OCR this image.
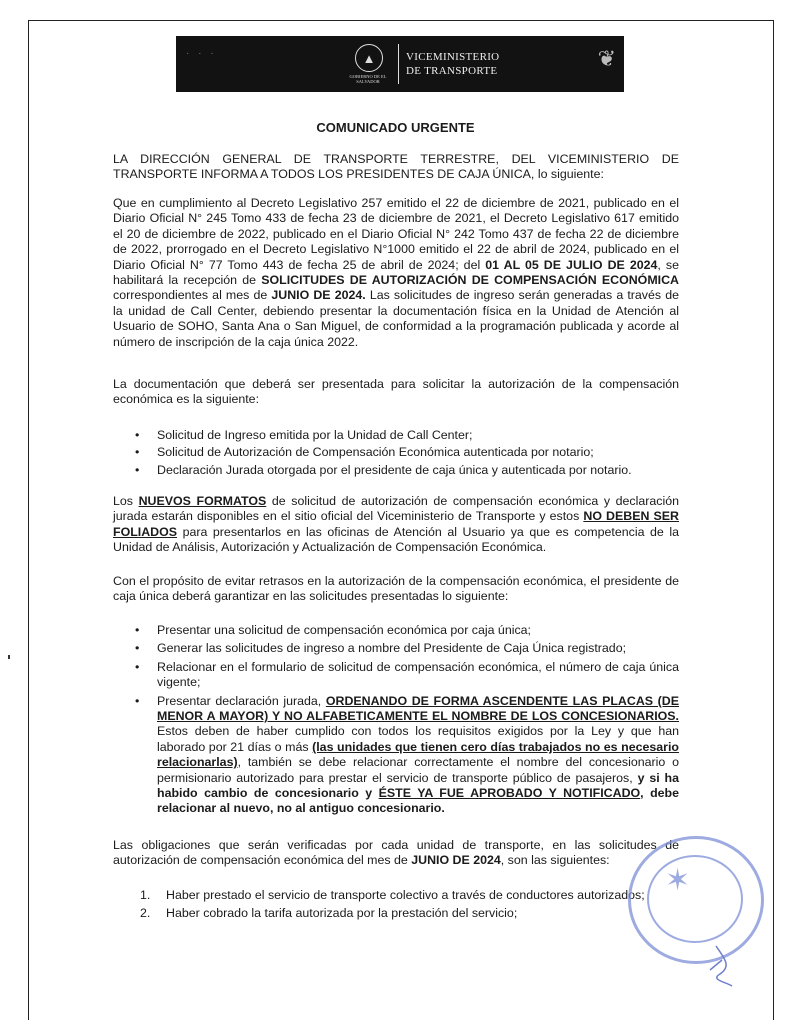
· · ·	▲
GOBIERNO DE EL SALVADOR
VICEMINISTERIO
DE TRANSPORTE	❦
COMUNICADO URGENTE
LA DIRECCIÓN GENERAL DE TRANSPORTE TERRESTRE, DEL VICEMINISTERIO DE TRANSPORTE INFORMA A TODOS LOS PRESIDENTES DE CAJA ÚNICA, lo siguiente:
Que en cumplimiento al Decreto Legislativo 257 emitido el 22 de diciembre de 2021, publicado en el Diario Oficial N° 245 Tomo 433 de fecha 23 de diciembre de 2021, el Decreto Legislativo 617 emitido el 20 de diciembre de 2022, publicado en el Diario Oficial N° 242 Tomo 437 de fecha 22 de diciembre de 2022, prorrogado en el Decreto Legislativo N°1000 emitido el 22 de abril de 2024, publicado en el Diario Oficial N° 77 Tomo 443 de fecha 25 de abril de 2024; del 01 AL 05 DE JULIO DE 2024, se habilitará la recepción de SOLICITUDES DE AUTORIZACIÓN DE COMPENSACIÓN ECONÓMICA correspondientes al mes de JUNIO DE 2024. Las solicitudes de ingreso serán generadas a través de la unidad de Call Center, debiendo presentar la documentación física en la Unidad de Atención al Usuario de SOHO, Santa Ana o San Miguel, de conformidad a la programación publicada y acorde al número de inscripción de la caja única 2022.
La documentación que deberá ser presentada para solicitar la autorización de la compensación económica es la siguiente:
• Solicitud de Ingreso emitida por la Unidad de Call Center;
• Solicitud de Autorización de Compensación Económica autenticada por notario;
• Declaración Jurada otorgada por el presidente de caja única y autenticada por notario.
Los NUEVOS FORMATOS de solicitud de autorización de compensación económica y declaración jurada estarán disponibles en el sitio oficial del Viceministerio de Transporte y estos NO DEBEN SER FOLIADOS para presentarlos en las oficinas de Atención al Usuario ya que es competencia de la Unidad de Análisis, Autorización y Actualización de Compensación Económica.
Con el propósito de evitar retrasos en la autorización de la compensación económica, el presidente de caja única deberá garantizar en las solicitudes presentadas lo siguiente:
• Presentar una solicitud de compensación económica por caja única;
• Generar las solicitudes de ingreso a nombre del Presidente de Caja Única registrado;
• Relacionar en el formulario de solicitud de compensación económica, el número de caja única vigente;
• Presentar declaración jurada, ORDENANDO DE FORMA ASCENDENTE LAS PLACAS (DE MENOR A MAYOR) Y NO ALFABETICAMENTE EL NOMBRE DE LOS CONCESIONARIOS. Estos deben de haber cumplido con todos los requisitos exigidos por la Ley y que han laborado por 21 días o más (las unidades que tienen cero días trabajados no es necesario relacionarlas), también se debe relacionar correctamente el nombre del concesionario o permisionario autorizado para prestar el servicio de transporte público de pasajeros, y si ha habido cambio de concesionario y ÉSTE YA FUE APROBADO Y NOTIFICADO, debe relacionar al nuevo, no al antiguo concesionario.
Las obligaciones que serán verificadas por cada unidad de transporte, en las solicitudes de autorización de compensación económica del mes de JUNIO DE 2024, son las siguientes:
1. Haber prestado el servicio de transporte colectivo a través de conductores autorizados;
2. Haber cobrado la tarifa autorizada por la prestación del servicio;
✶
